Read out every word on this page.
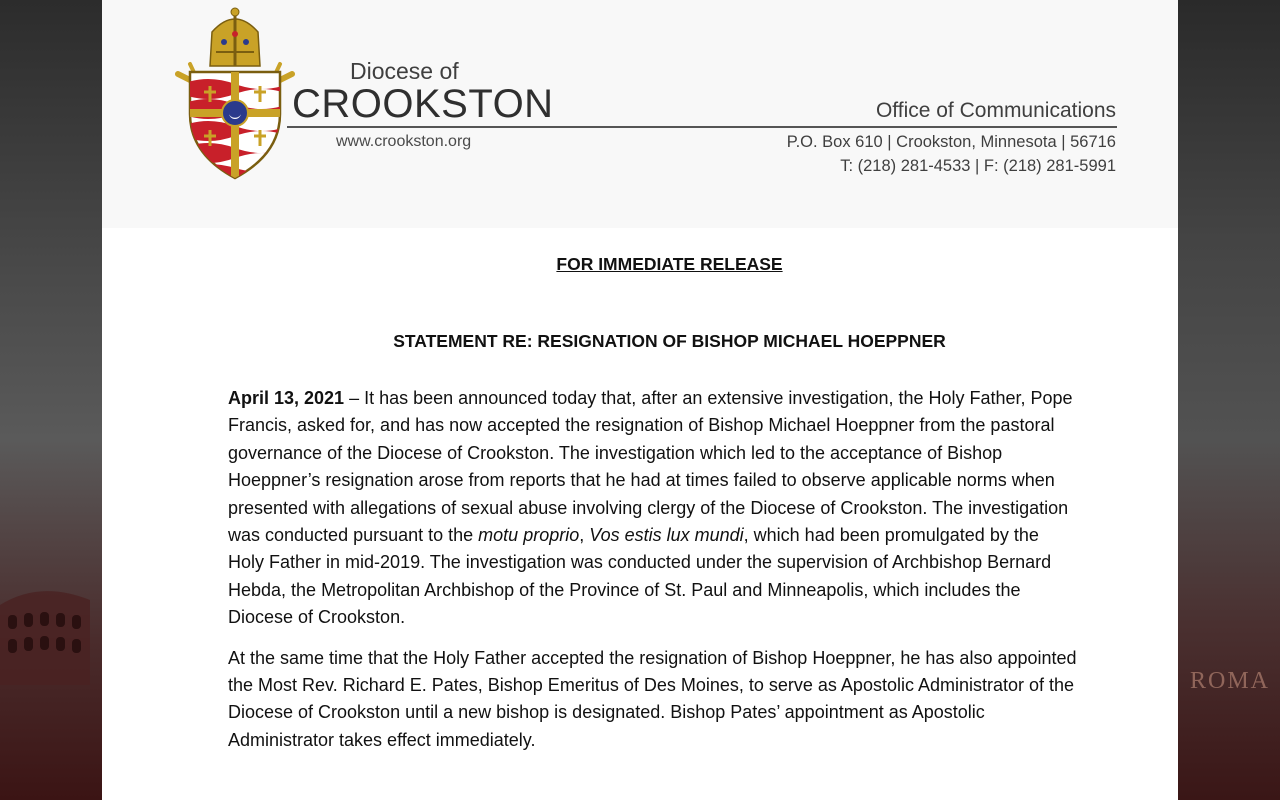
ROMA
Diocese of
CROOKSTON
www.crookston.org
Office of Communications
P.O. Box 610 | Crookston, Minnesota | 56716
T: (218) 281-4533 | F: (218) 281-5991
FOR IMMEDIATE RELEASE
STATEMENT RE: RESIGNATION OF BISHOP MICHAEL HOEPPNER

April 13, 2021 – It has been announced today that, after an extensive investigation, the Holy Father, Pope Francis, asked for, and has now accepted the resignation of Bishop Michael Hoeppner from the pastoral governance of the Diocese of Crookston. The investigation which led to the acceptance of Bishop Hoeppner’s resignation arose from reports that he had at times failed to observe applicable norms when presented with allegations of sexual abuse involving clergy of the Diocese of Crookston. The investigation was conducted pursuant to the motu proprio, Vos estis lux mundi, which had been promulgated by the Holy Father in mid-2019. The investigation was conducted under the supervision of Archbishop Bernard Hebda, the Metropolitan Archbishop of the Province of St. Paul and Minneapolis, which includes the Diocese of Crookston.

At the same time that the Holy Father accepted the resignation of Bishop Hoeppner, he has also appointed the Most Rev. Richard E. Pates, Bishop Emeritus of Des Moines, to serve as Apostolic Administrator of the Diocese of Crookston until a new bishop is designated. Bishop Pates’ appointment as Apostolic Administrator takes effect immediately.
